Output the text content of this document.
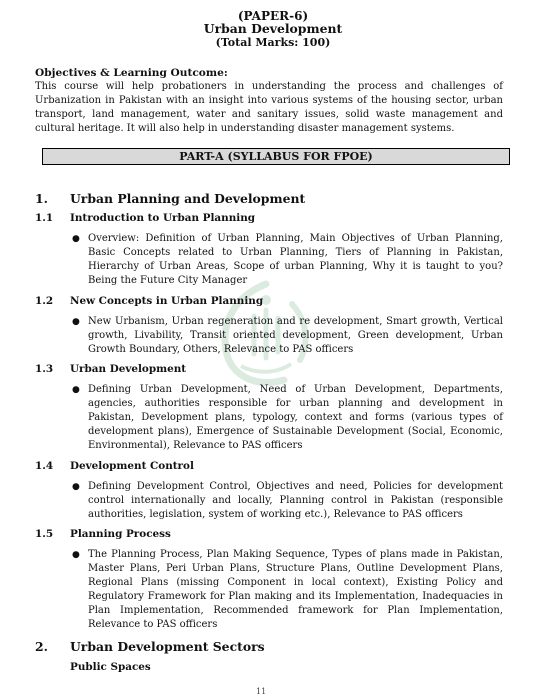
(PAPER-6)
Urban Development
(Total Marks: 100)
Objectives & Learning Outcome:
This course will help probationers in understanding the process and challenges of Urbanization in Pakistan with an insight into various systems of the housing sector, urban transport, land management, water and sanitary issues, solid waste management and cultural heritage. It will also help in understanding disaster management systems.
PART-A (SYLLABUS FOR FPOE)
1. Urban Planning and Development
1.1 Introduction to Urban Planning
● Overview: Definition of Urban Planning, Main Objectives of Urban Planning, Basic Concepts related to Urban Planning, Tiers of Planning in Pakistan, Hierarchy of Urban Areas, Scope of urban Planning, Why it is taught to you? Being the Future City Manager
1.2 New Concepts in Urban Planning
● New Urbanism, Urban regeneration and re development, Smart growth, Vertical growth, Livability, Transit oriented development, Green development, Urban Growth Boundary, Others, Relevance to PAS officers
1.3 Urban Development
● Defining Urban Development, Need of Urban Development, Departments, agencies, authorities responsible for urban planning and development in Pakistan, Development plans, typology, context and forms (various types of development plans), Emergence of Sustainable Development (Social, Economic, Environmental), Relevance to PAS officers
1.4 Development Control
● Defining Development Control, Objectives and need, Policies for development control internationally and locally, Planning control in Pakistan (responsible authorities, legislation, system of working etc.), Relevance to PAS officers
1.5 Planning Process
● The Planning Process, Plan Making Sequence, Types of plans made in Pakistan, Master Plans, Peri Urban Plans, Structure Plans, Outline Development Plans, Regional Plans (missing Component in local context), Existing Policy and Regulatory Framework for Plan making and its Implementation, Inadequacies in Plan Implementation, Recommended framework for Plan Implementation, Relevance to PAS officers
2. Urban Development Sectors
Public Spaces
11
